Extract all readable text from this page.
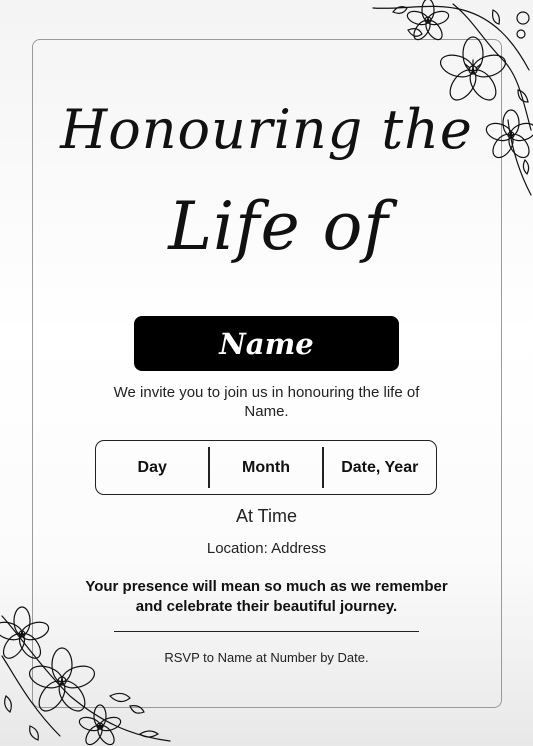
Honouring the
Life of
Name
We invite you to join us in honouring the life of Name.
Day	Month	Date, Year
At Time
Location: Address
Your presence will mean so much as we remember and celebrate their beautiful journey.
RSVP to Name at Number by Date.
